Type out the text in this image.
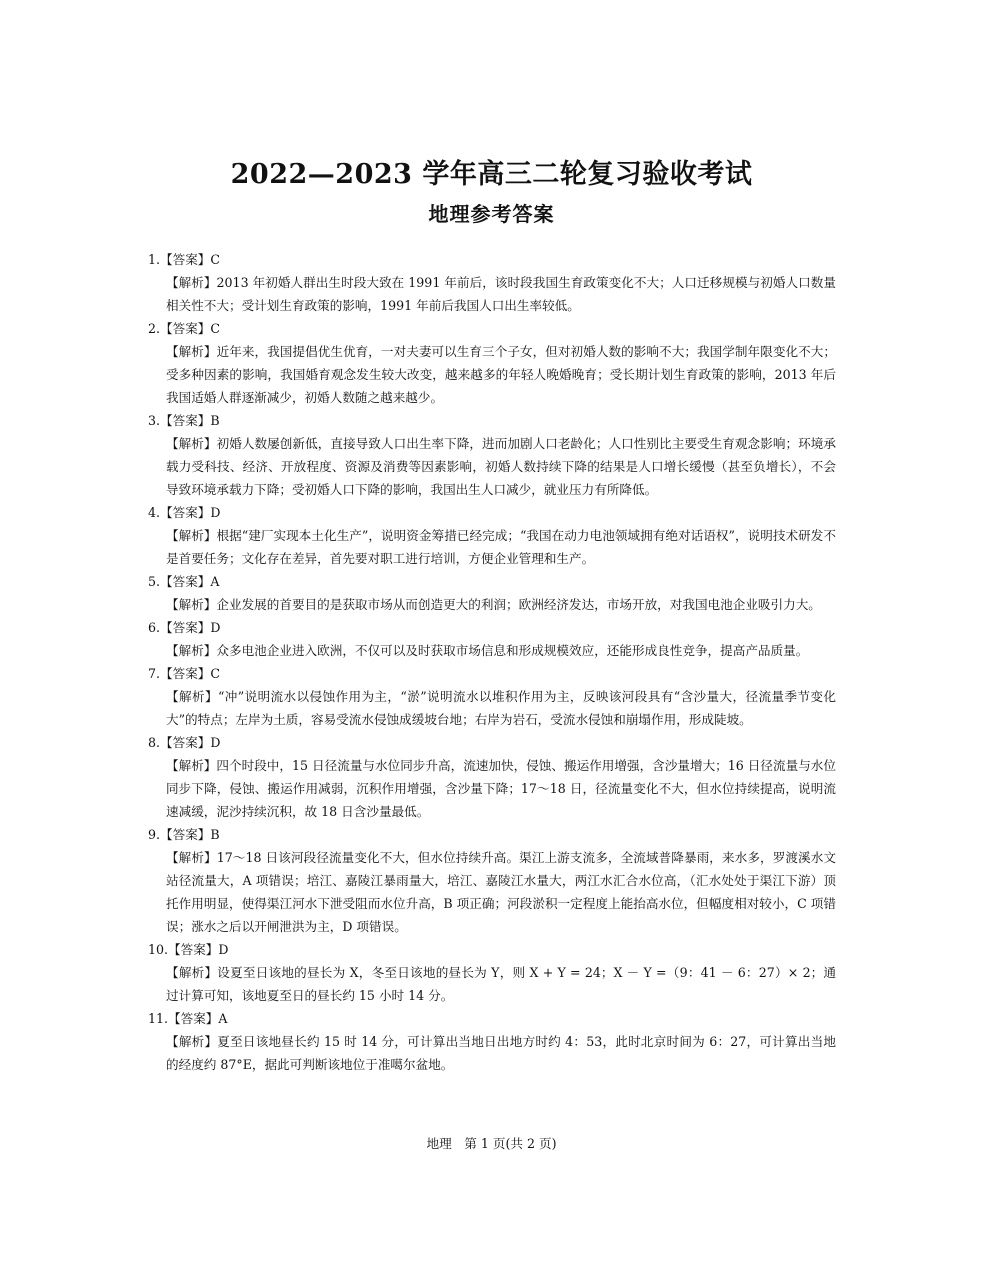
2022—2023 学年高三二轮复习验收考试
地理参考答案
1.【答案】C
【解析】2013 年初婚人群出生时段大致在 1991 年前后，该时段我国生育政策变化不大；人口迁移规模与初婚人口数量相关性不大；受计划生育政策的影响，1991 年前后我国人口出生率较低。
2.【答案】C
【解析】近年来，我国提倡优生优育，一对夫妻可以生育三个子女，但对初婚人数的影响不大；我国学制年限变化不大；受多种因素的影响，我国婚育观念发生较大改变，越来越多的年轻人晚婚晚育；受长期计划生育政策的影响，2013 年后我国适婚人群逐渐减少，初婚人数随之越来越少。
3.【答案】B
【解析】初婚人数屡创新低，直接导致人口出生率下降，进而加剧人口老龄化；人口性别比主要受生育观念影响；环境承载力受科技、经济、开放程度、资源及消费等因素影响，初婚人数持续下降的结果是人口增长缓慢（甚至负增长），不会导致环境承载力下降；受初婚人口下降的影响，我国出生人口减少，就业压力有所降低。
4.【答案】D
【解析】根据“建厂实现本土化生产”，说明资金筹措已经完成；“我国在动力电池领域拥有绝对话语权”，说明技术研发不是首要任务；文化存在差异，首先要对职工进行培训，方便企业管理和生产。
5.【答案】A
【解析】企业发展的首要目的是获取市场从而创造更大的利润；欧洲经济发达，市场开放，对我国电池企业吸引力大。
6.【答案】D
【解析】众多电池企业进入欧洲，不仅可以及时获取市场信息和形成规模效应，还能形成良性竞争，提高产品质量。
7.【答案】C
【解析】“冲”说明流水以侵蚀作用为主，“淤”说明流水以堆积作用为主，反映该河段具有“含沙量大，径流量季节变化大”的特点；左岸为土质，容易受流水侵蚀成缓坡台地；右岸为岩石，受流水侵蚀和崩塌作用，形成陡坡。
8.【答案】D
【解析】四个时段中，15 日径流量与水位同步升高，流速加快，侵蚀、搬运作用增强，含沙量增大；16 日径流量与水位同步下降，侵蚀、搬运作用减弱，沉积作用增强，含沙量下降；17～18 日，径流量变化不大，但水位持续提高，说明流速减缓，泥沙持续沉积，故 18 日含沙量最低。
9.【答案】B
【解析】17～18 日该河段径流量变化不大，但水位持续升高。渠江上游支流多，全流域普降暴雨，来水多，罗渡溪水文站径流量大，A 项错误；培江、嘉陵江暴雨量大，培江、嘉陵江水量大，两江水汇合水位高，（汇水处处于渠江下游）顶托作用明显，使得渠江河水下泄受阻而水位升高，B 项正确；河段淤积一定程度上能抬高水位，但幅度相对较小，C 项错误；涨水之后以开闸泄洪为主，D 项错误。
10.【答案】D
【解析】设夏至日该地的昼长为 X，冬至日该地的昼长为 Y，则 X + Y = 24；X － Y =（9：41 － 6：27）× 2；通过计算可知，该地夏至日的昼长约 15 小时 14 分。
11.【答案】A
【解析】夏至日该地昼长约 15 时 14 分，可计算出当地日出地方时约 4：53，此时北京时间为 6：27，可计算出当地的经度约 87°E，据此可判断该地位于准噶尔盆地。
地理　第 1 页(共 2 页)
